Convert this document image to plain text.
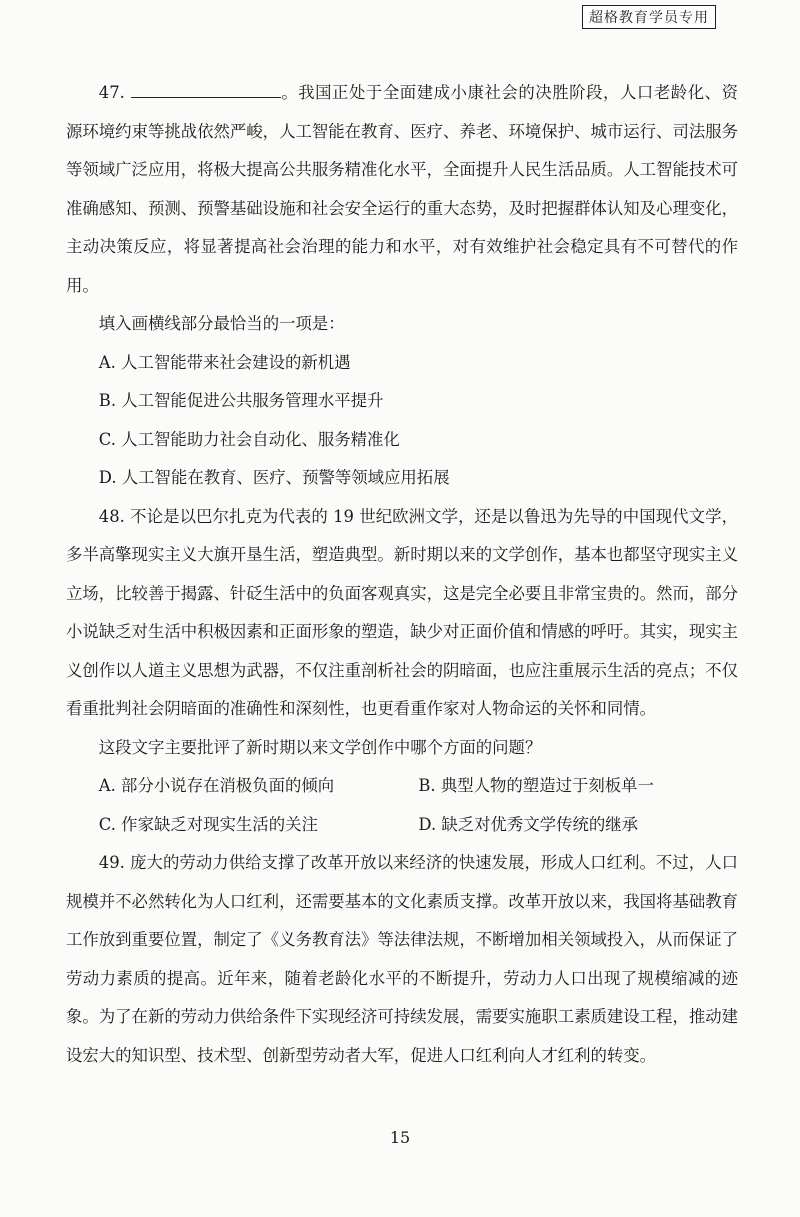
超格教育学员专用

47.	。我国正处于全面建成小康社会的决胜阶段，人口老龄化、资源环境约束等挑战依然严峻，人工智能在教育、医疗、养老、环境保护、城市运行、司法服务等领域广泛应用，将极大提高公共服务精准化水平，全面提升人民生活品质。人工智能技术可准确感知、预测、预警基础设施和社会安全运行的重大态势，及时把握群体认知及心理变化，主动决策反应，将显著提高社会治理的能力和水平，对有效维护社会稳定具有不可替代的作用。

填入画横线部分最恰当的一项是：

A. 人工智能带来社会建设的新机遇

B. 人工智能促进公共服务管理水平提升

C. 人工智能助力社会自动化、服务精准化

D. 人工智能在教育、医疗、预警等领域应用拓展

48. 不论是以巴尔扎克为代表的 19 世纪欧洲文学，还是以鲁迅为先导的中国现代文学，多半高擎现实主义大旗开垦生活，塑造典型。新时期以来的文学创作，基本也都坚守现实主义立场，比较善于揭露、针砭生活中的负面客观真实，这是完全必要且非常宝贵的。然而，部分小说缺乏对生活中积极因素和正面形象的塑造，缺少对正面价值和情感的呼吁。其实，现实主义创作以人道主义思想为武器，不仅注重剖析社会的阴暗面，也应注重展示生活的亮点；不仅看重批判社会阴暗面的准确性和深刻性，也更看重作家对人物命运的关怀和同情。

这段文字主要批评了新时期以来文学创作中哪个方面的问题？

A. 部分小说存在消极负面的倾向	B. 典型人物的塑造过于刻板单一
C. 作家缺乏对现实生活的关注	D. 缺乏对优秀文学传统的继承

49. 庞大的劳动力供给支撑了改革开放以来经济的快速发展，形成人口红利。不过，人口规模并不必然转化为人口红利，还需要基本的文化素质支撑。改革开放以来，我国将基础教育工作放到重要位置，制定了《义务教育法》等法律法规，不断增加相关领域投入，从而保证了劳动力素质的提高。近年来，随着老龄化水平的不断提升，劳动力人口出现了规模缩减的迹象。为了在新的劳动力供给条件下实现经济可持续发展，需要实施职工素质建设工程，推动建设宏大的知识型、技术型、创新型劳动者大军，促进人口红利向人才红利的转变。

15
